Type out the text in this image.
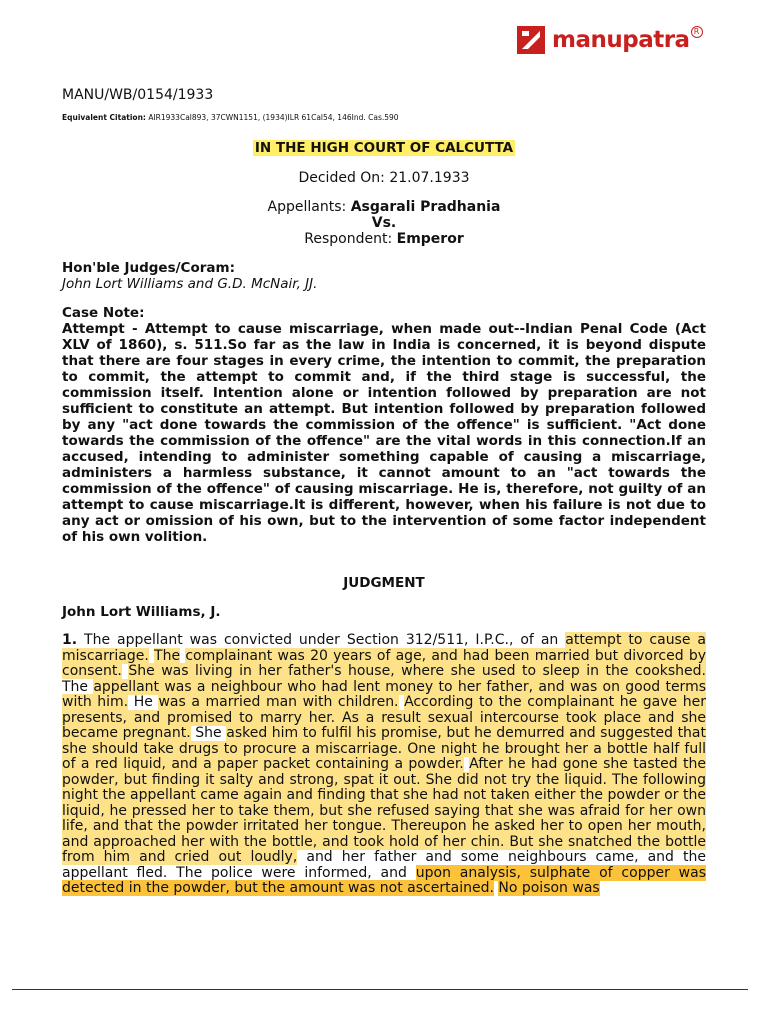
manupatra R
MANU/WB/0154/1933
Equivalent Citation: AIR1933Cal893, 37CWN1151, (1934)ILR 61Cal54, 146Ind. Cas.590
IN THE HIGH COURT OF CALCUTTA
Decided On: 21.07.1933
Appellants: Asgarali Pradhania
Vs.
Respondent: Emperor
Hon'ble Judges/Coram:
John Lort Williams and G.D. McNair, JJ.
Case Note:

Attempt - Attempt to cause miscarriage, when made out--Indian Penal Code (Act XLV of 1860), s. 511.So far as the law in India is concerned, it is beyond dispute that there are four stages in every crime, the intention to commit, the preparation to commit, the attempt to commit and, if the third stage is successful, the commission itself. Intention alone or intention followed by preparation are not sufficient to constitute an attempt. But intention followed by preparation followed by any "act done towards the commission of the offence" is sufficient. "Act done towards the commission of the offence" are the vital words in this connection.If an accused, intending to administer something capable of causing a miscarriage, administers a harmless substance, it cannot amount to an "act towards the commission of the offence" of causing miscarriage. He is, therefore, not guilty of an attempt to cause miscarriage.It is different, however, when his failure is not due to any act or omission of his own, but to the intervention of some factor independent of his own volition.

JUDGMENT
John Lort Williams, J.

1. The appellant was convicted under Section 312/511, I.P.C., of an attempt to cause a miscarriage. The complainant was 20 years of age, and had been married but divorced by consent. She was living in her father's house, where she used to sleep in the cookshed. The appellant was a neighbour who had lent money to her father, and was on good terms with him. He was a married man with children. According to the complainant he gave her presents, and promised to marry her. As a result sexual intercourse took place and she became pregnant. She asked him to fulfil his promise, but he demurred and suggested that she should take drugs to procure a miscarriage. One night he brought her a bottle half full of a red liquid, and a paper packet containing a powder. After he had gone she tasted the powder, but finding it salty and strong, spat it out. She did not try the liquid. The following night the appellant came again and finding that she had not taken either the powder or the liquid, he pressed her to take them, but she refused saying that she was afraid for her own life, and that the powder irritated her tongue. Thereupon he asked her to open her mouth, and approached her with the bottle, and took hold of her chin. But she snatched the bottle from him and cried out loudly, and her father and some neighbours came, and the appellant fled. The police were informed, and upon analysis, sulphate of copper was detected in the powder, but the amount was not ascertained. No poison was
